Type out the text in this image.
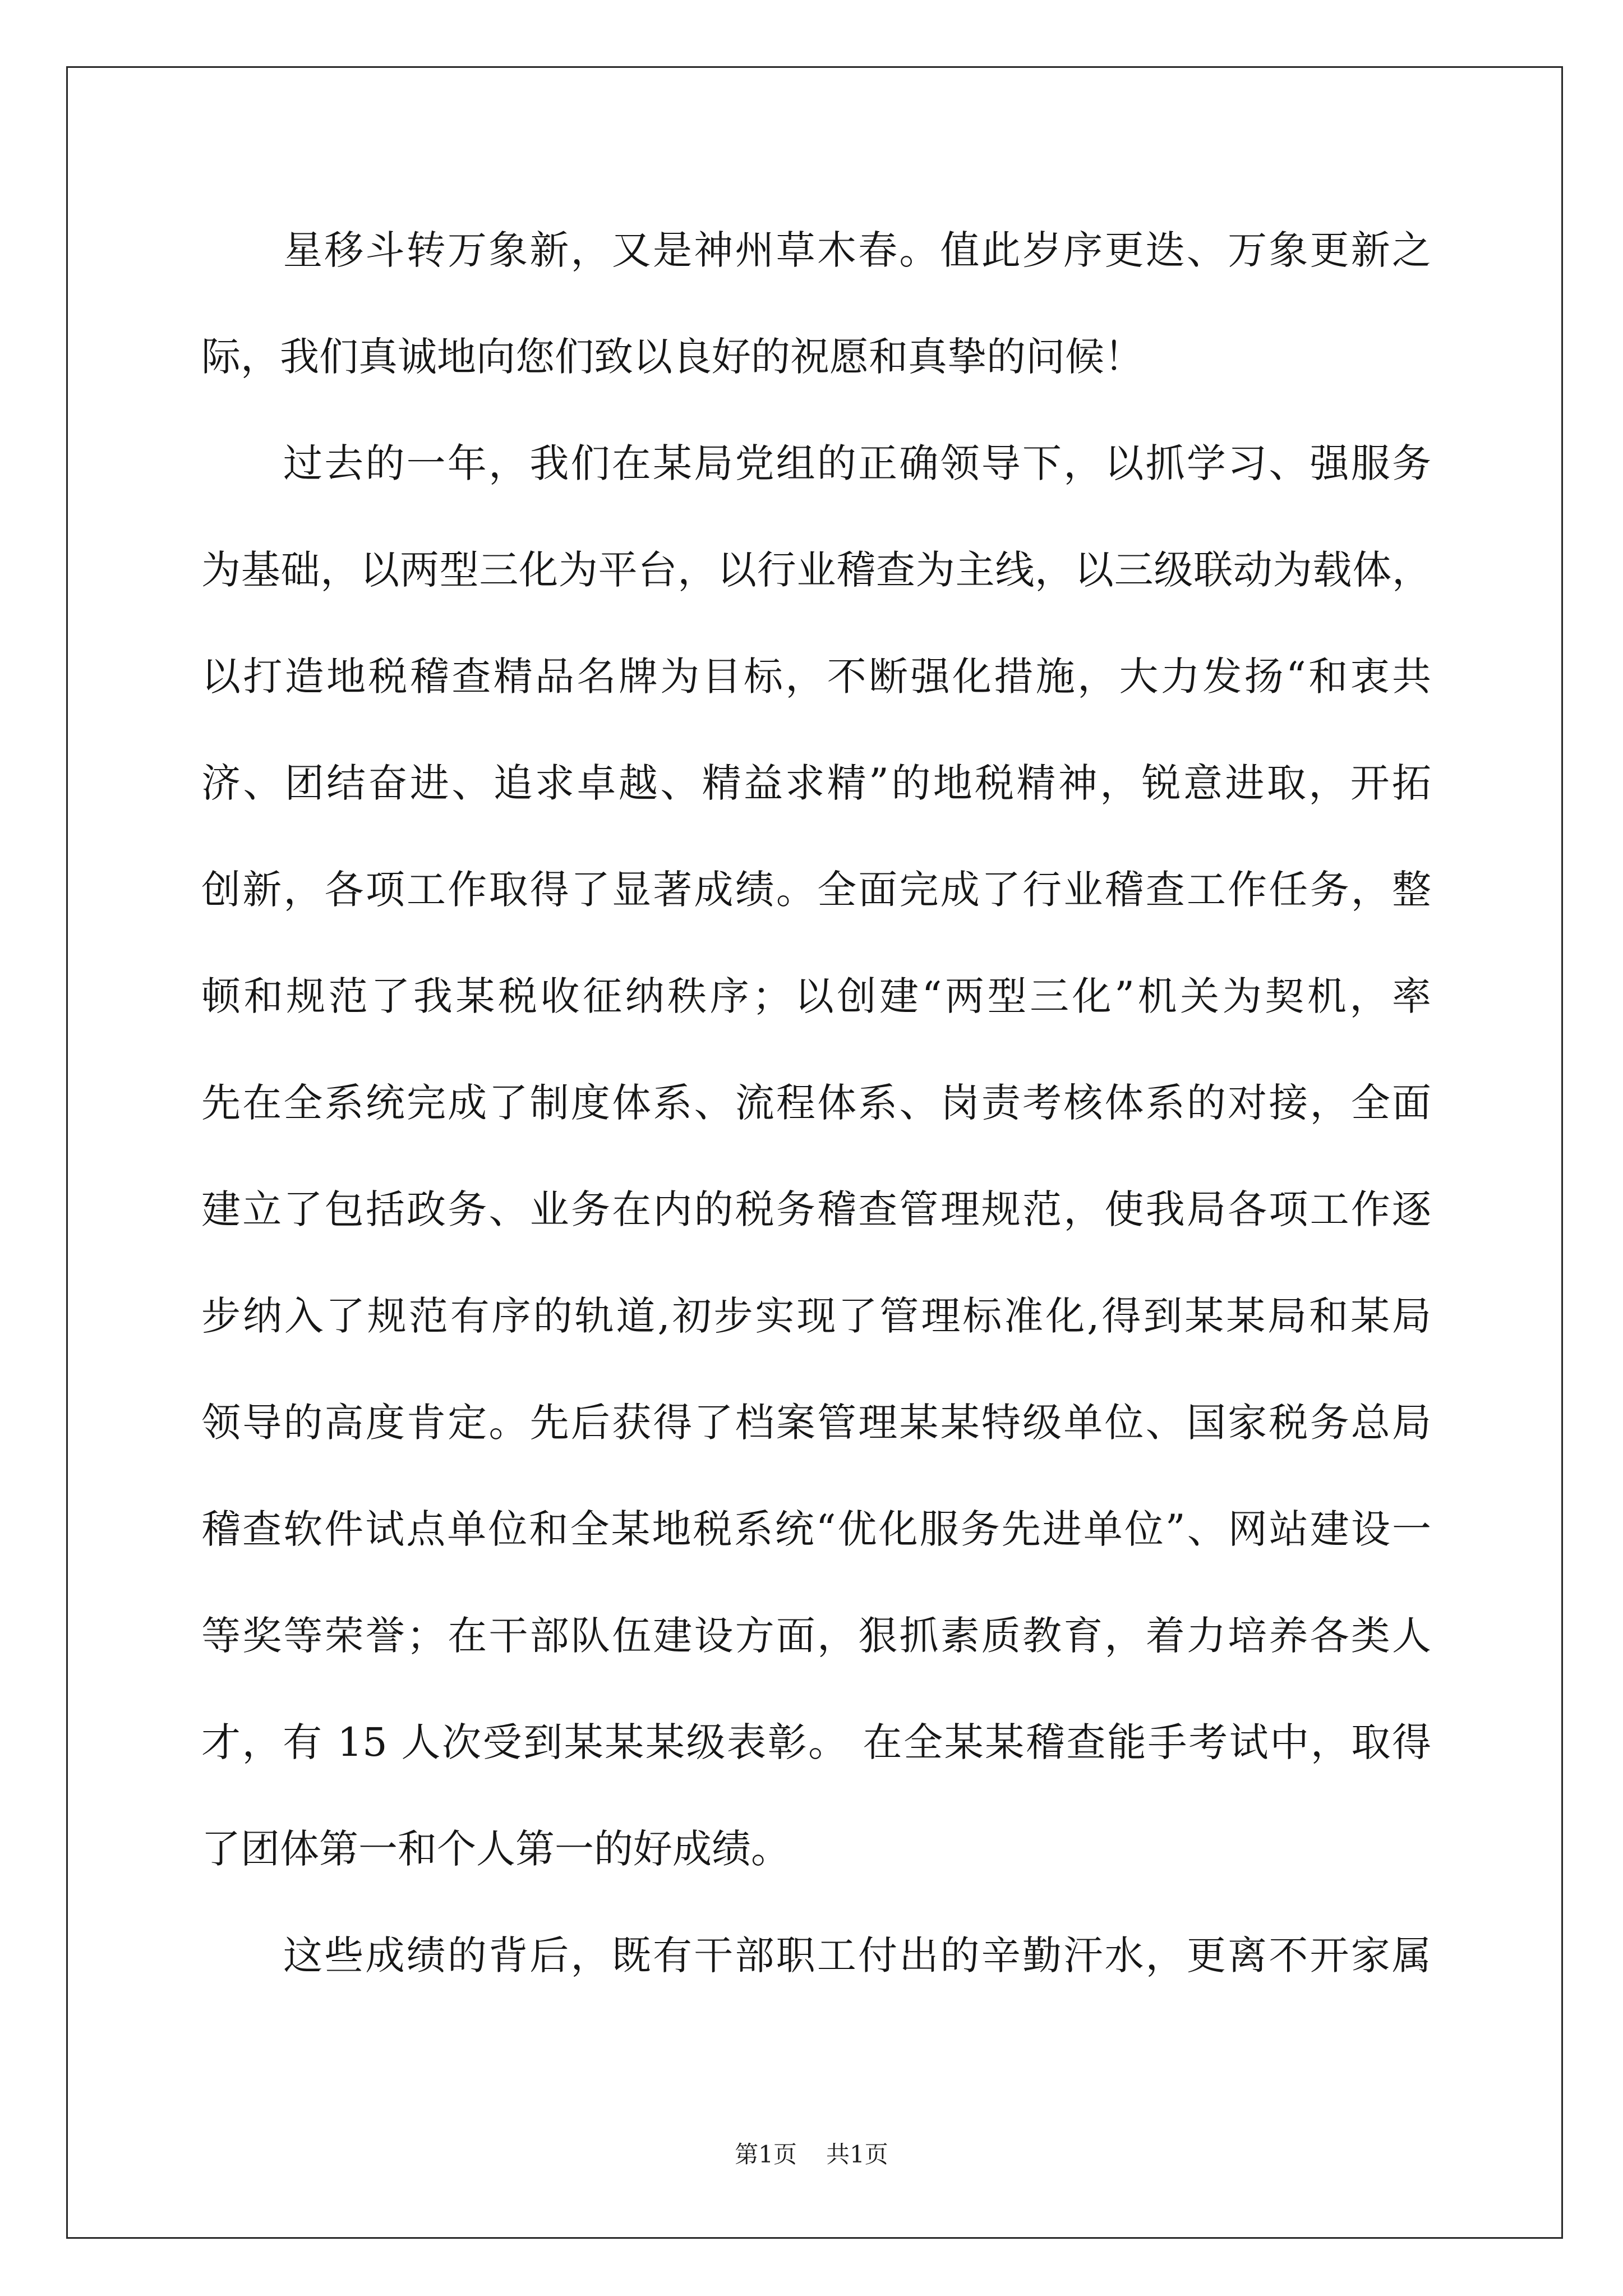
星移斗转万象新，又是神州草木春。值此岁序更迭、万象更新之
际，我们真诚地向您们致以良好的祝愿和真挚的问候！
过去的一年，我们在某局党组的正确领导下，以抓学习、强服务
为基础，以两型三化为平台，以行业稽查为主线，以三级联动为载体，
以打造地税稽查精品名牌为目标，不断强化措施，大力发扬“和衷共
济、团结奋进、追求卓越、精益求精”的地税精神，锐意进取，开拓
创新，各项工作取得了显著成绩。全面完成了行业稽查工作任务，整
顿和规范了我某税收征纳秩序；以创建“两型三化”机关为契机，率
先在全系统完成了制度体系、流程体系、岗责考核体系的对接，全面
建立了包括政务、业务在内的税务稽查管理规范，使我局各项工作逐
步纳入了规范有序的轨道,初步实现了管理标准化,得到某某局和某局
领导的高度肯定。先后获得了档案管理某某特级单位、国家税务总局
稽查软件试点单位和全某地税系统“优化服务先进单位”、网站建设一
等奖等荣誉；在干部队伍建设方面，狠抓素质教育，着力培养各类人
才，有 15 人次受到某某某级表彰。 在全某某稽查能手考试中，取得
了团体第一和个人第一的好成绩。
这些成绩的背后，既有干部职工付出的辛勤汗水，更离不开家属
第1页 共1页
